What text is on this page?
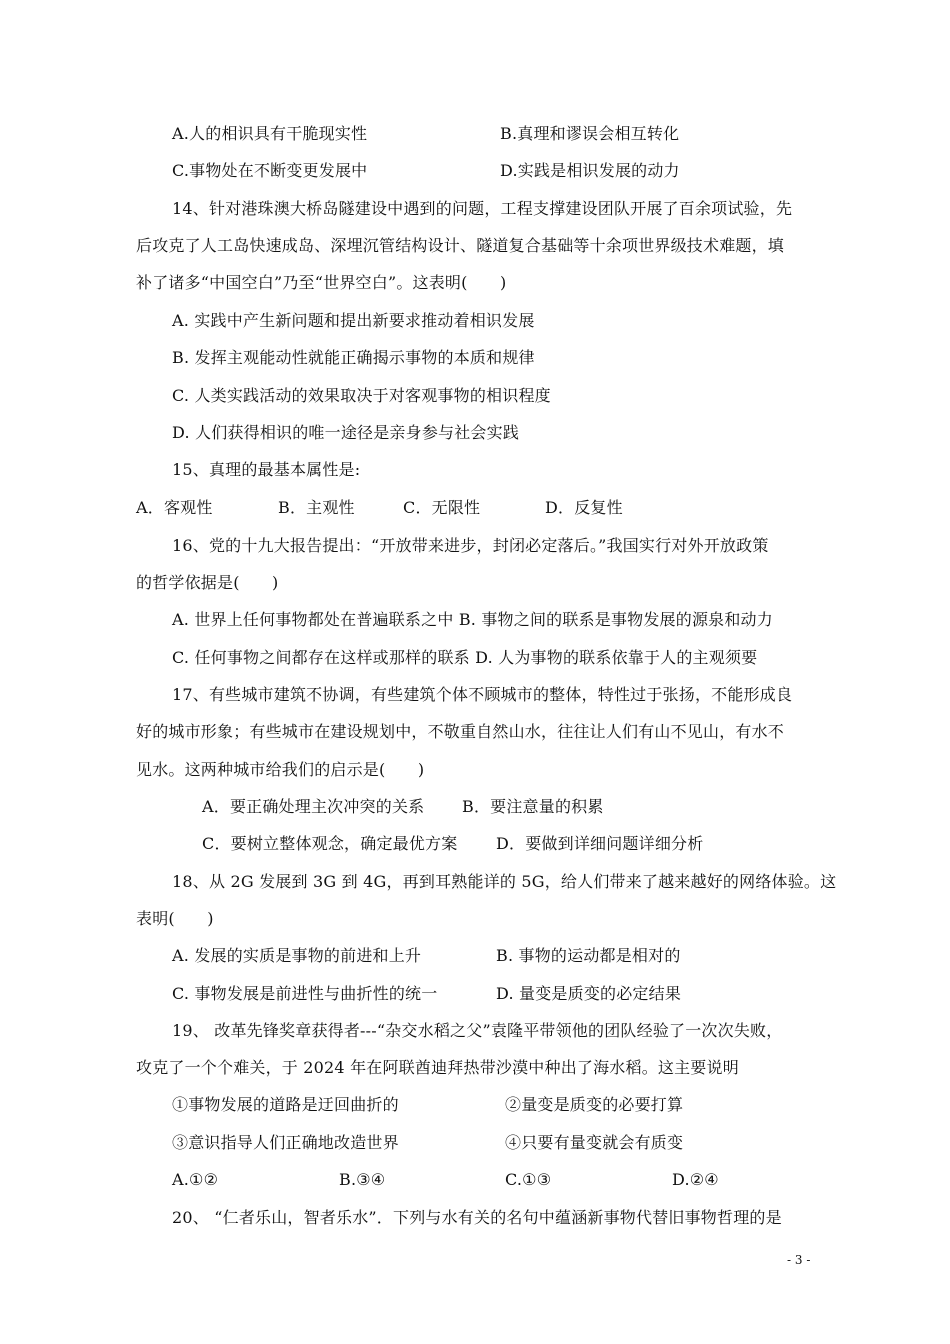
A.人的相识具有干脆现实性	B.真理和谬误会相互转化
C.事物处在不断变更发展中	D.实践是相识发展的动力
14、针对港珠澳大桥岛隧建设中遇到的问题，工程支撑建设团队开展了百余项试验，先
后攻克了人工岛快速成岛、深埋沉管结构设计、隧道复合基础等十余项世界级技术难题，填
补了诸多“中国空白”乃至“世界空白”。这表明(　　)
A. 实践中产生新问题和提出新要求推动着相识发展
B. 发挥主观能动性就能正确揭示事物的本质和规律
C. 人类实践活动的效果取决于对客观事物的相识程度
D. 人们获得相识的唯一途径是亲身参与社会实践
15、真理的最基本属性是:
A．客观性	B．主观性	C．无限性	D．反复性
16、党的十九大报告提出：“开放带来进步，封闭必定落后。”我国实行对外开放政策
的哲学依据是(　　)
A. 世界上任何事物都处在普遍联系之中 B. 事物之间的联系是事物发展的源泉和动力
C. 任何事物之间都存在这样或那样的联系 D. 人为事物的联系依靠于人的主观须要
17、有些城市建筑不协调，有些建筑个体不顾城市的整体，特性过于张扬，不能形成良
好的城市形象；有些城市在建设规划中，不敬重自然山水，往往让人们有山不见山，有水不
见水。这两种城市给我们的启示是(　　)
A．要正确处理主次冲突的关系 B．要注意量的积累
C．要树立整体观念，确定最优方案 D．要做到详细问题详细分析
18、从 2G 发展到 3G 到 4G，再到耳熟能详的 5G，给人们带来了越来越好的网络体验。这
表明(　　)
A. 发展的实质是事物的前进和上升	B. 事物的运动都是相对的
C. 事物发展是前进性与曲折性的统一	D. 量变是质变的必定结果
19、 改革先锋奖章获得者---“杂交水稻之父”袁隆平带领他的团队经验了一次次失败，
攻克了一个个难关，于 2024 年在阿联酋迪拜热带沙漠中种出了海水稻。这主要说明
①事物发展的道路是迂回曲折的	②量变是质变的必要打算
③意识指导人们正确地改造世界	④只要有量变就会有质变
A.①②	B.③④	C.①③	D.②④
20、 “仁者乐山，智者乐水”．下列与水有关的名句中蕴涵新事物代替旧事物哲理的是
- 3 -
